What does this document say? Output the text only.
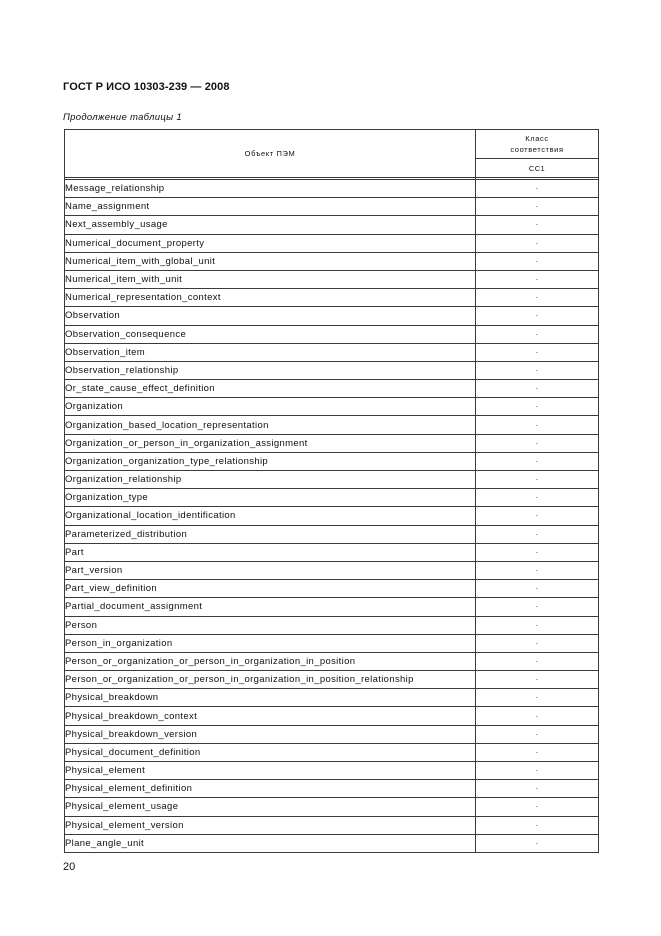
ГОСТ Р ИСО 10303-239 — 2008
Продолжение таблицы 1
Объект ПЭМ	Класс
соответствия
	CC1

Message_relationship	·
Name_assignment	·
Next_assembly_usage	·
Numerical_document_property	·
Numerical_item_with_global_unit	·
Numerical_item_with_unit	·
Numerical_representation_context	·
Observation	·
Observation_consequence	·
Observation_item	·
Observation_relationship	·
Or_state_cause_effect_definition	·
Organization	·
Organization_based_location_representation	·
Organization_or_person_in_organization_assignment	·
Organization_organization_type_relationship	·
Organization_relationship	·
Organization_type	·
Organizational_location_identification	·
Parameterized_distribution	·
Part	·
Part_version	·
Part_view_definition	·
Partial_document_assignment	·
Person	·
Person_in_organization	·
Person_or_organization_or_person_in_organization_in_position	·
Person_or_organization_or_person_in_organization_in_position_relationship	·
Physical_breakdown	·
Physical_breakdown_context	·
Physical_breakdown_version	·
Physical_document_definition	·
Physical_element	·
Physical_element_definition	·
Physical_element_usage	·
Physical_element_version	·
Plane_angle_unit	·
20
